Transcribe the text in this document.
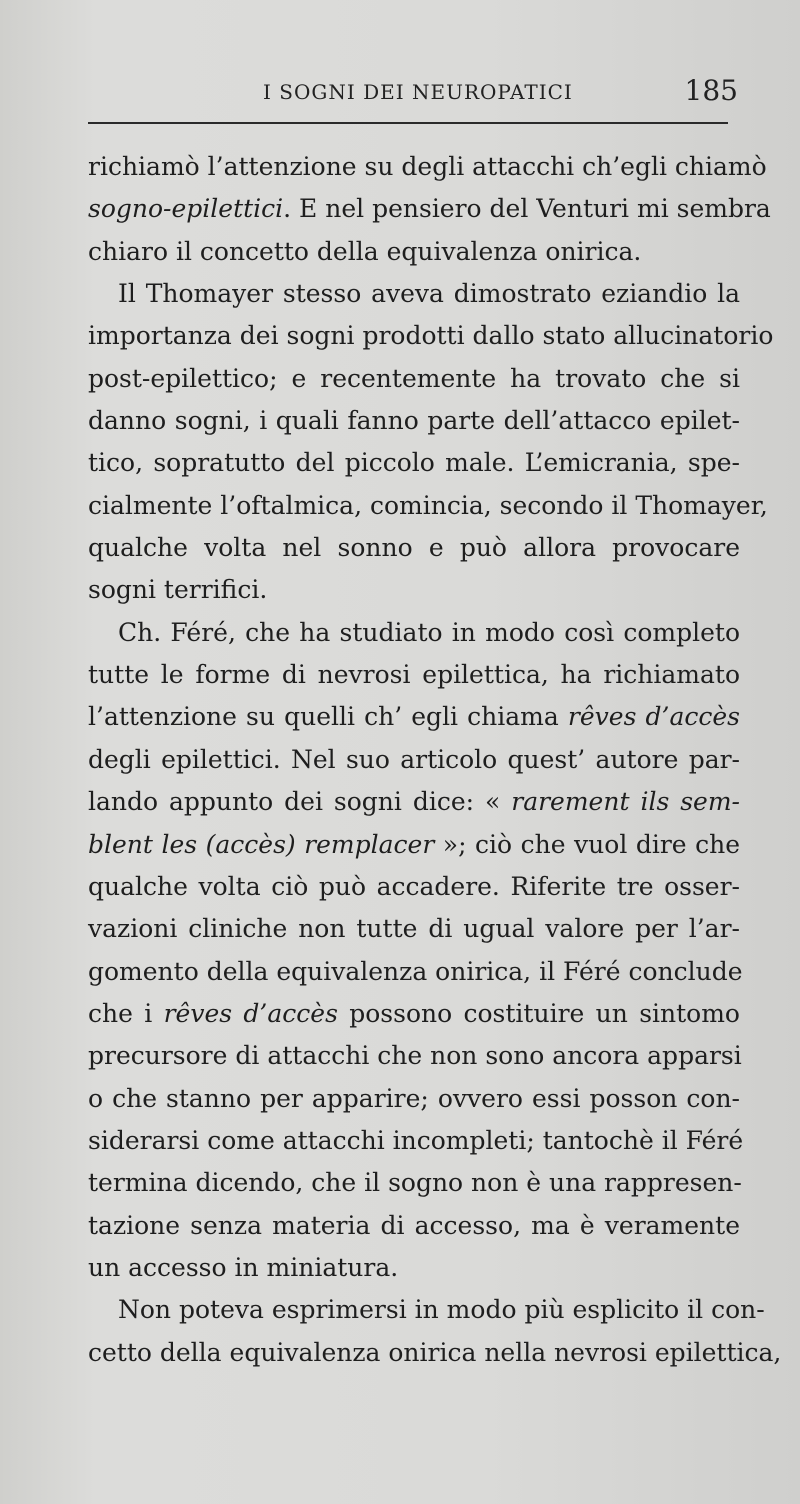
I SOGNI DEI NEUROPATICI	185
richiamò l’attenzione su degli attacchi ch’egli chiamò
sogno-epilettici. E nel pensiero del Venturi mi sembra
chiaro il concetto della equivalenza onirica.
Il Thomayer stesso aveva dimostrato eziandio la
importanza dei sogni prodotti dallo stato allucinatorio
post-epilettico; e recentemente ha trovato che si
danno sogni, i quali fanno parte dell’attacco epilet-
tico, sopratutto del piccolo male. L’emicrania, spe-
cialmente l’oftalmica, comincia, secondo il Thomayer,
qualche volta nel sonno e può allora provocare
sogni terrifici.
Ch. Féré, che ha studiato in modo così completo
tutte le forme di nevrosi epilettica, ha richiamato
l’attenzione su quelli ch’ egli chiama rêves d’accès
degli epilettici. Nel suo articolo quest’ autore par-
lando appunto dei sogni dice: « rarement ils sem-
blent les (accès) remplacer »; ciò che vuol dire che
qualche volta ciò può accadere. Riferite tre osser-
vazioni cliniche non tutte di ugual valore per l’ar-
gomento della equivalenza onirica, il Féré conclude
che i rêves d’accès possono costituire un sintomo
precursore di attacchi che non sono ancora apparsi
o che stanno per apparire; ovvero essi posson con-
siderarsi come attacchi incompleti; tantochè il Féré
termina dicendo, che il sogno non è una rappresen-
tazione senza materia di accesso, ma è veramente
un accesso in miniatura.
Non poteva esprimersi in modo più esplicito il con-
cetto della equivalenza onirica nella nevrosi epilettica,
